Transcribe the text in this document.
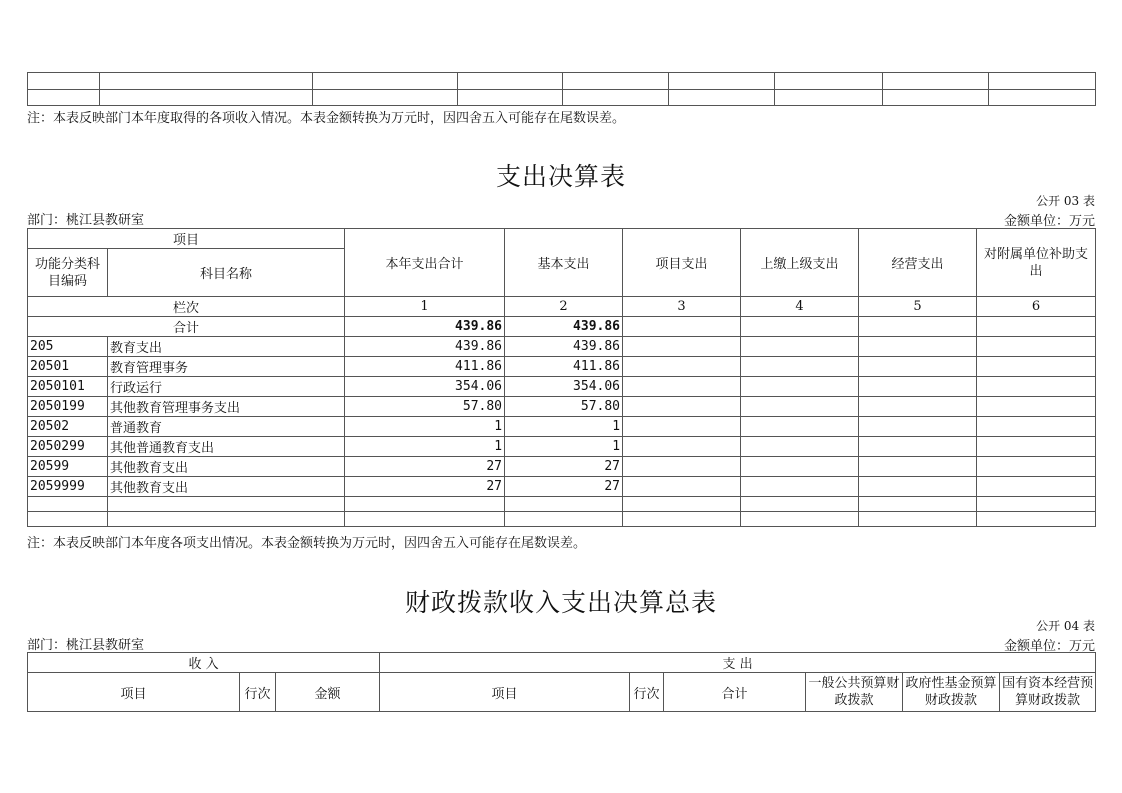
注：本表反映部门本年度取得的各项收入情况。本表金额转换为万元时，因四舍五入可能存在尾数误差。
支出决算表
公开 03 表
部门：桃江县教研室	金额单位：万元
项目		本年支出合计	基本支出	项目支出	上缴上级支出	经营支出	对附属单位补助支出
功能分类科目编码	科目名称						
栏次		1	2	3	4	5	6
合计		439.86	439.86				
205	教育支出	439.86	439.86				
20501	教育管理事务	411.86	411.86				
2050101	行政运行	354.06	354.06				
2050199	其他教育管理事务支出	57.80	57.80				
20502	普通教育	1	1				
2050299	其他普通教育支出	1	1				
20599	其他教育支出	27	27				
2059999	其他教育支出	27	27				

注：本表反映部门本年度各项支出情况。本表金额转换为万元时，因四舍五入可能存在尾数误差。
财政拨款收入支出决算总表
公开 04 表
部门：桃江县教研室	金额单位：万元
收 入			支 出					
项目	行次	金额	项目	行次	合计	一般公共预算财政拨款	政府性基金预算财政拨款	国有资本经营预算财政拨款
